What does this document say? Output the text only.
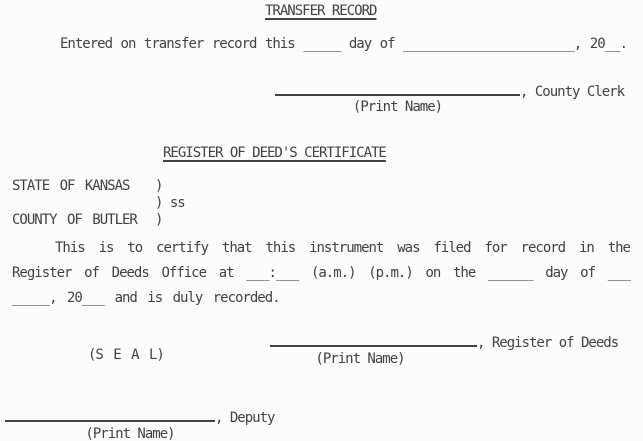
TRANSFER RECORD
Entered on transfer record this _____ day of _______________________, 20__.
, County Clerk
(Print Name)
REGISTER OF DEED'S CERTIFICATE
STATE OF KANSAS	)
) ss
COUNTY OF BUTLER	)
This is to certify that this instrument was filed for record in the
Register of Deeds Office at ___:___ (a.m.) (p.m.) on the ______ day of ___
_____, 20___ and is duly recorded.
(S E A L)
, Register of Deeds
(Print Name)
, Deputy
(Print Name)
